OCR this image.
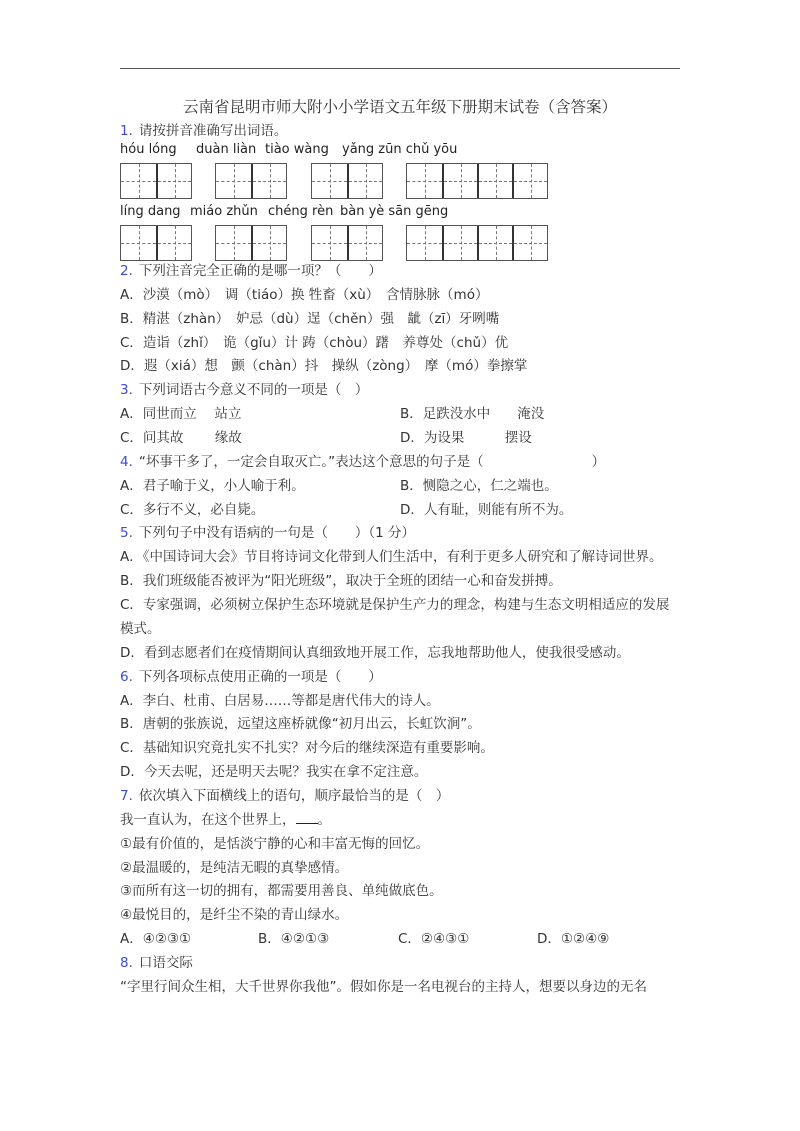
云南省昆明市师大附小小学语文五年级下册期末试卷（含答案）
1. 请按拼音准确写出词语。
hóu lóng duàn liàn tiào wàng yǎng zūn chǔ yōu
líng dang miáo zhǔn chéng rèn bàn yè sān gēng
2. 下列注音完全正确的是哪一项？（　　）
A．沙漠（mò）　调（tiáo）换 牲畜（xù）　含情脉脉（mó）
B．精湛（zhàn）　妒忌（dù）逞（chěn）强　龇（zī）牙咧嘴
C．造诣（zhǐ）　诡（gǐu）计 踌（chòu）躇　养尊处（chǔ）优
D．遐（xiá）想　颤（chàn）抖　操纵（zòng）　摩（mó）拳擦掌
3. 下列词语古今意义不同的一项是（　）
A．同世而立　 站立	B．足跌没水中　　淹没
C．问其故　　 缘故	D．为设果　　　摆设
4. “坏事干多了，一定会自取灭亡。”表达这个意思的句子是（　　　　　　　　）
A．君子喻于义，小人喻于利。	B．恻隐之心，仁之端也。
C．多行不义，必自毙。	D．人有耻，则能有所不为。
5. 下列句子中没有语病的一句是（　　）（1 分）
A．《中国诗词大会》节目将诗词文化带到人们生活中，有利于更多人研究和了解诗词世界。
B．我们班级能否被评为“阳光班级”，取决于全班的团结一心和奋发拼搏。
C．专家强调，必须树立保护生态环境就是保护生产力的理念，构建与生态文明相适应的发展模式。
D．看到志愿者们在疫情期间认真细致地开展工作，忘我地帮助他人，使我很受感动。
6. 下列各项标点使用正确的一项是（　　）
A．李白、杜甫、白居易……等都是唐代伟大的诗人。
B．唐朝的张族说，远望这座桥就像“初月出云，长虹饮涧”。
C．基础知识究竟扎实不扎实？对今后的继续深造有重要影响。
D．今天去呢，还是明天去呢？我实在拿不定注意。
7. 依次填入下面横线上的语句，顺序最恰当的是（　）
我一直认为，在这个世界上， 。
①最有价值的，是恬淡宁静的心和丰富无悔的回忆。
②最温暖的，是纯洁无暇的真挚感情。
③而所有这一切的拥有，都需要用善良、单纯做底色。
④最悦目的，是纤尘不染的青山绿水。
A．④②③①	B．④②①③	C．②④③①	D．①②④⑨
8. 口语交际
“字里行间众生相，大千世界你我他”。假如你是一名电视台的主持人，想要以身边的无名
